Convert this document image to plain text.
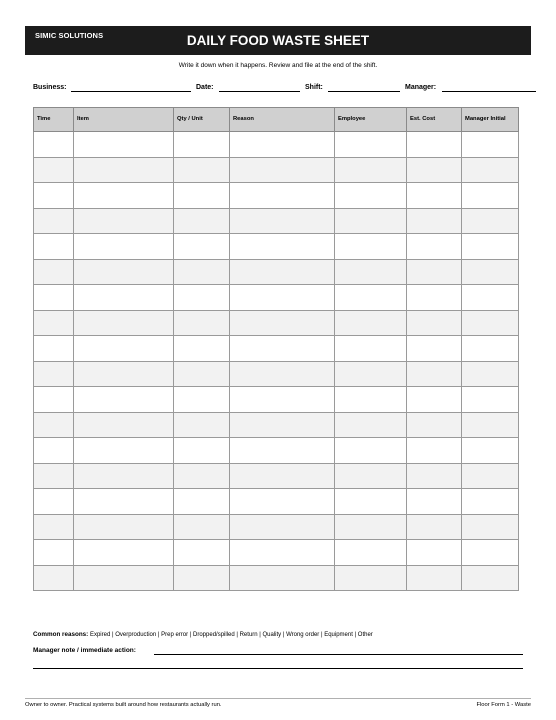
SIMIC SOLUTIONS	DAILY FOOD WASTE SHEET
Write it down when it happens. Review and file at the end of the shift.
Business:	Date:	Shift:	Manager:
Time	Item	Qty / Unit	Reason	Employee	Est. Cost	Manager Initial

Common reasons: Expired | Overproduction | Prep error | Dropped/spilled | Return | Quality | Wrong order | Equipment | Other
Manager note / immediate action:
Owner to owner. Practical systems built around how restaurants actually run.	Floor Form 1 - Waste
